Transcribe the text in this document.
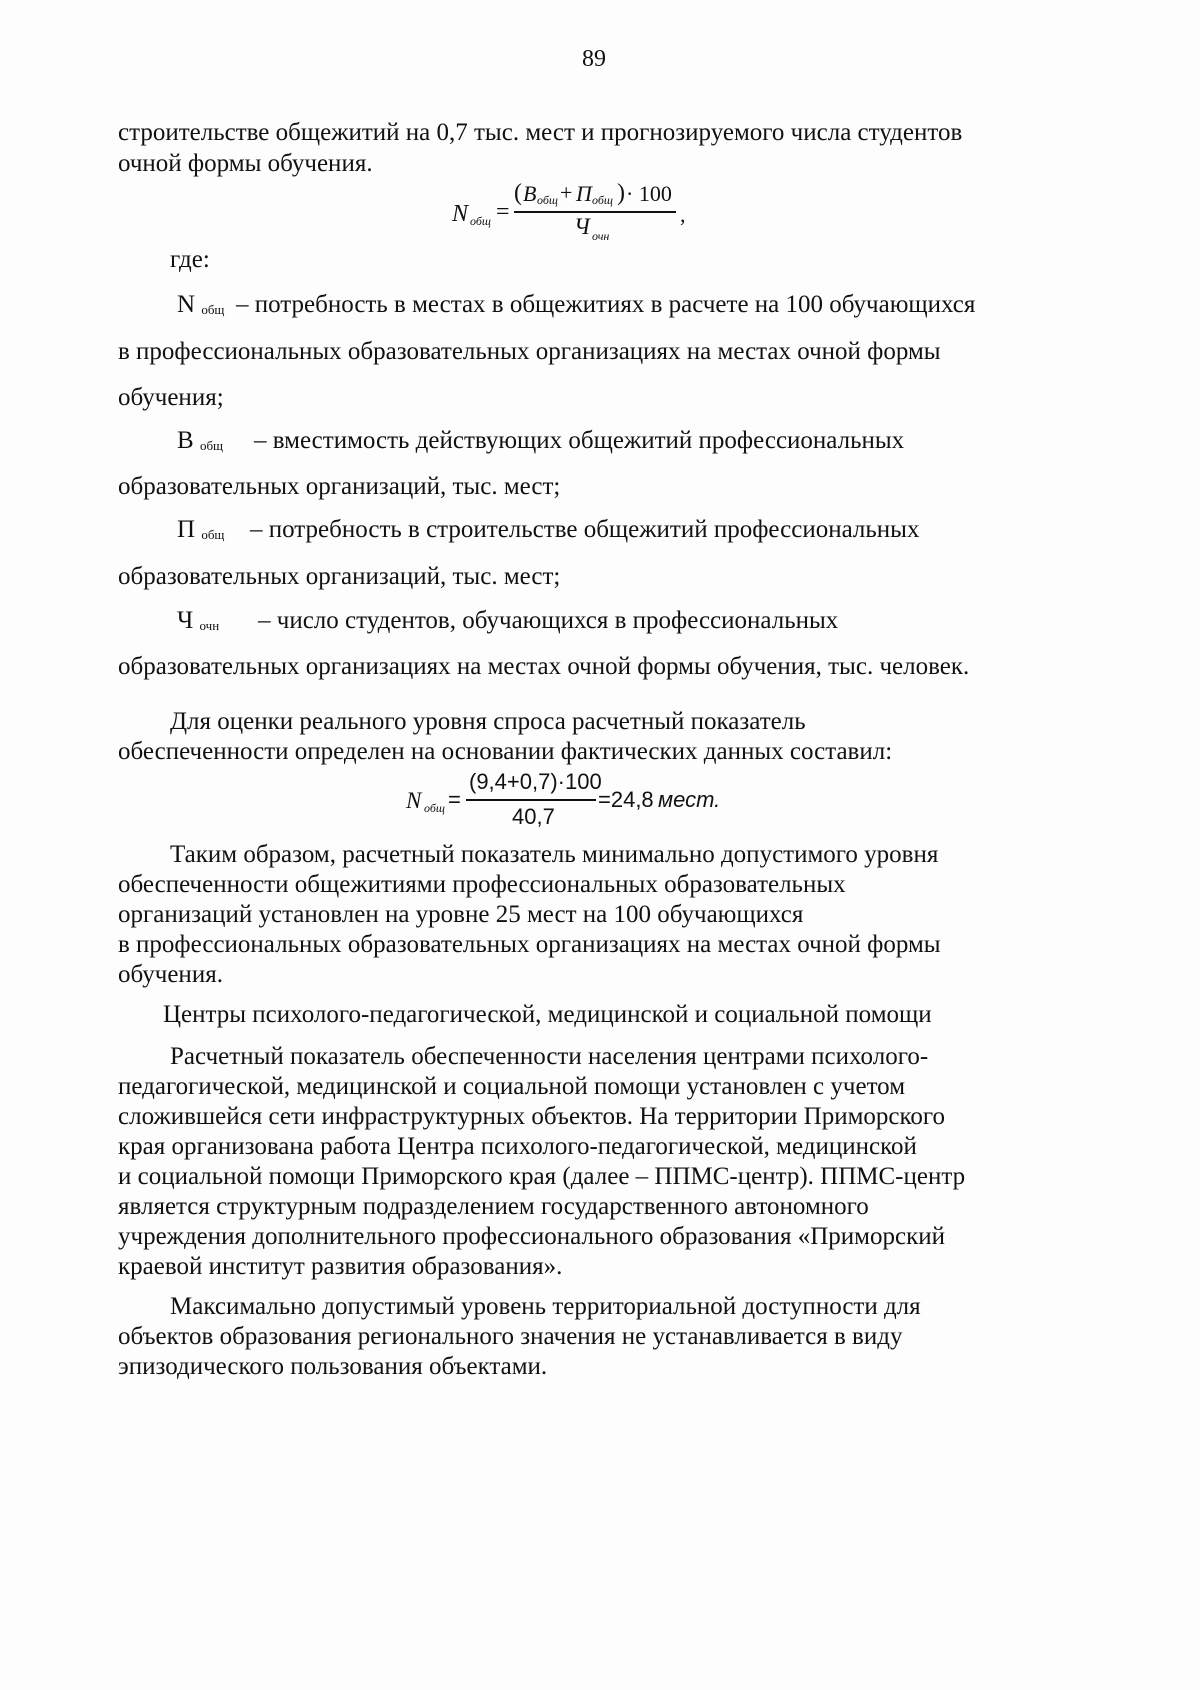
89
строительстве общежитий на 0,7 тыс. мест и прогнозируемого числа студентов
очной формы обучения.
N общ =
( B общ + П общ ) · 100
Ч очн
,
где:
N общ – потребность в местах в общежитиях в расчете на 100 обучающихся
в профессиональных образовательных организациях на местах очной формы
обучения;
В общ – вместимость действующих общежитий профессиональных
образовательных организаций, тыс. мест;
П общ – потребность в строительстве общежитий профессиональных
образовательных организаций, тыс. мест;
Ч очн – число студентов, обучающихся в профессиональных
образовательных организациях на местах очной формы обучения, тыс. человек.
Для оценки реального уровня спроса расчетный показатель
обеспеченности определен на основании фактических данных составил:
N общ =
(9,4+0,7)·100
40,7
=24,8 мест.
Таким образом, расчетный показатель минимально допустимого уровня
обеспеченности общежитиями профессиональных образовательных
организаций установлен на уровне 25 мест на 100 обучающихся
в профессиональных образовательных организациях на местах очной формы
обучения.
Центры психолого-педагогической, медицинской и социальной помощи
Расчетный показатель обеспеченности населения центрами психолого-
педагогической, медицинской и социальной помощи установлен с учетом
сложившейся сети инфраструктурных объектов. На территории Приморского
края организована работа Центра психолого-педагогической, медицинской
и социальной помощи Приморского края (далее – ППМС-центр). ППМС-центр
является структурным подразделением государственного автономного
учреждения дополнительного профессионального образования «Приморский
краевой институт развития образования».
Максимально допустимый уровень территориальной доступности для
объектов образования регионального значения не устанавливается в виду
эпизодического пользования объектами.
